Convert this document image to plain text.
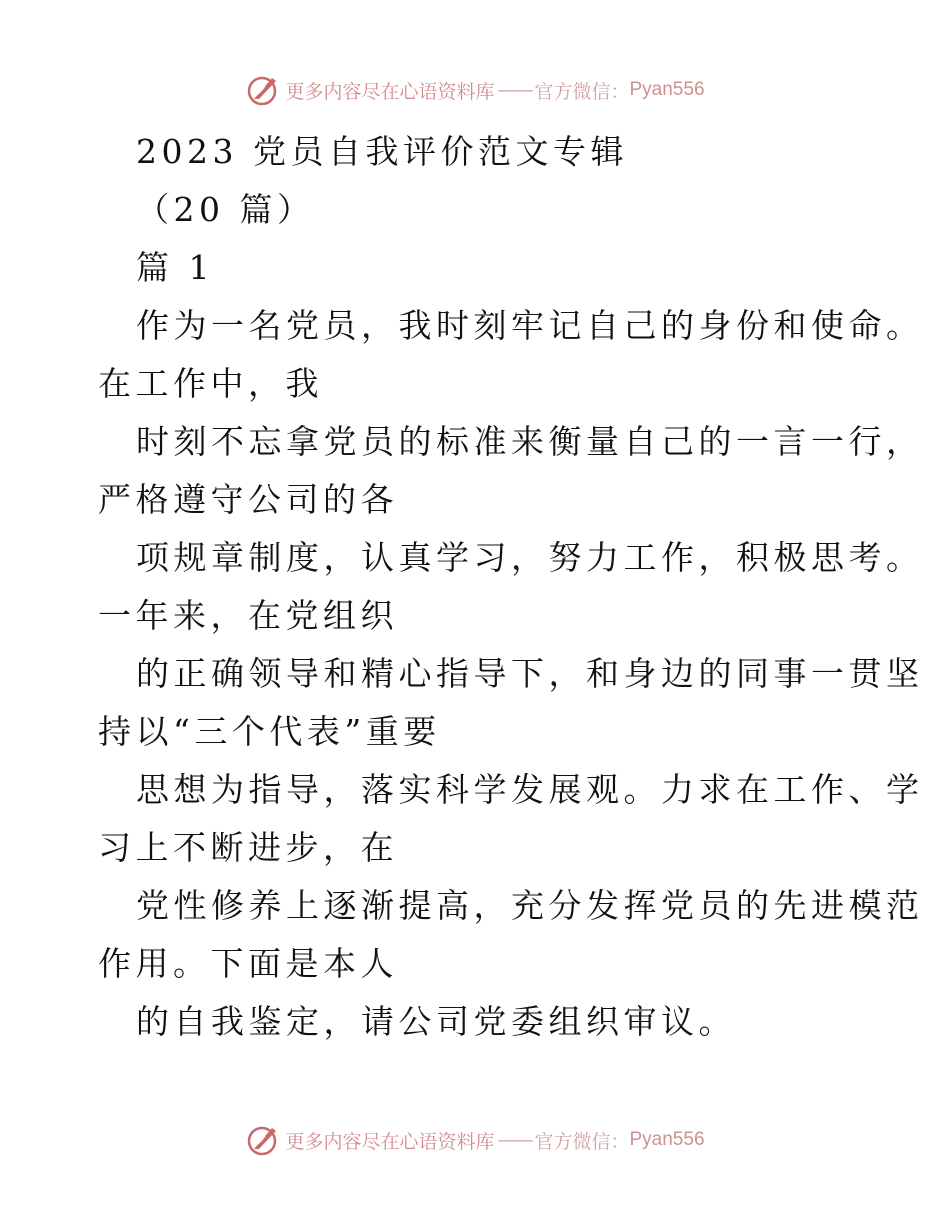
更多内容尽在心语资料库 —— 官方微信： Pyan556
2023 党员自我评价范文专辑
（20 篇）
篇 1
作为一名党员，我时刻牢记自己的身份和使命。
在工作中，我
时刻不忘拿党员的标准来衡量自己的一言一行，
严格遵守公司的各
项规章制度，认真学习，努力工作，积极思考。
一年来，在党组织
的正确领导和精心指导下，和身边的同事一贯坚
持以“三个代表”重要
思想为指导，落实科学发展观。力求在工作、学
习上不断进步，在
党性修养上逐渐提高，充分发挥党员的先进模范
作用。下面是本人
的自我鉴定，请公司党委组织审议。
更多内容尽在心语资料库 —— 官方微信： Pyan556
